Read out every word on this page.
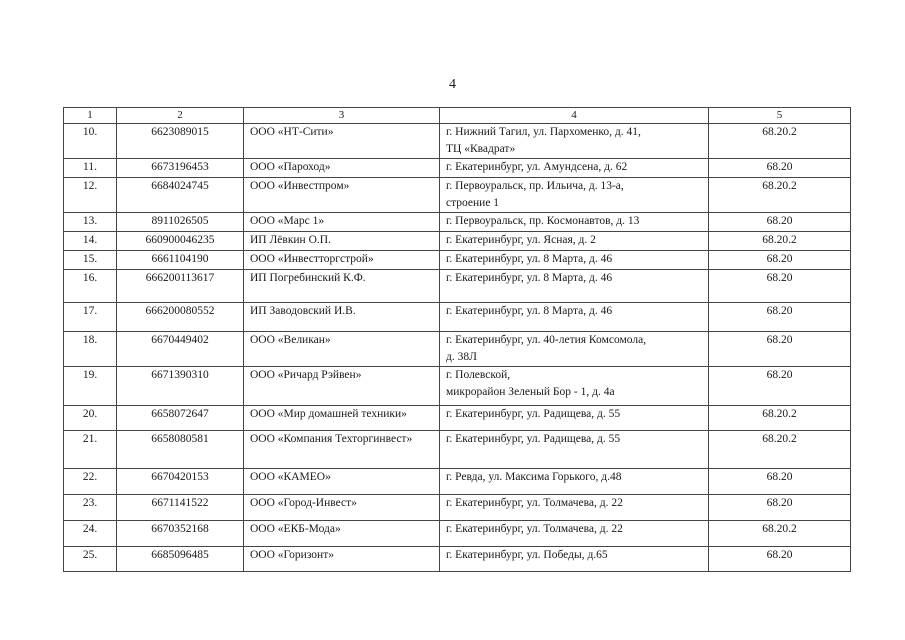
4
1	2	3	4	5
10.	6623089015	ООО «НТ-Сити»	г. Нижний Тагил, ул. Пархоменко, д. 41,
ТЦ «Квадрат»	68.20.2
11.	6673196453	ООО «Пароход»	г. Екатеринбург, ул. Амундсена, д. 62	68.20
12.	6684024745	ООО «Инвестпром»	г. Первоуральск, пр. Ильича, д. 13-а,
строение 1	68.20.2
13.	8911026505	ООО «Марс 1»	г. Первоуральск, пр. Космонавтов, д. 13	68.20
14.	660900046235	ИП Лёвкин О.П.	г. Екатеринбург, ул. Ясная, д. 2	68.20.2
15.	6661104190	ООО «Инвестторгстрой»	г. Екатеринбург, ул. 8 Марта, д. 46	68.20
16.	666200113617	ИП Погребинский К.Ф.	г. Екатеринбург, ул. 8 Марта, д. 46	68.20
17.	666200080552	ИП Заводовский И.В.	г. Екатеринбург, ул. 8 Марта, д. 46	68.20
18.	6670449402	ООО «Великан»	г. Екатеринбург, ул. 40-летия Комсомола,
д. 38Л	68.20
19.	6671390310	ООО «Ричард Рэйвен»	г. Полевской,
микрорайон Зеленый Бор - 1, д. 4а	68.20
20.	6658072647	ООО «Мир домашней техники»	г. Екатеринбург, ул. Радищева, д. 55	68.20.2
21.	6658080581	ООО «Компания Техторгинвест»	г. Екатеринбург, ул. Радищева, д. 55	68.20.2
22.	6670420153	ООО «КАМЕО»	г. Ревда, ул. Максима Горького, д.48	68.20
23.	6671141522	ООО «Город-Инвест»	г. Екатеринбург, ул. Толмачева, д. 22	68.20
24.	6670352168	ООО «ЕКБ-Мода»	г. Екатеринбург, ул. Толмачева, д. 22	68.20.2
25.	6685096485	ООО «Горизонт»	г. Екатеринбург, ул. Победы, д.65	68.20
